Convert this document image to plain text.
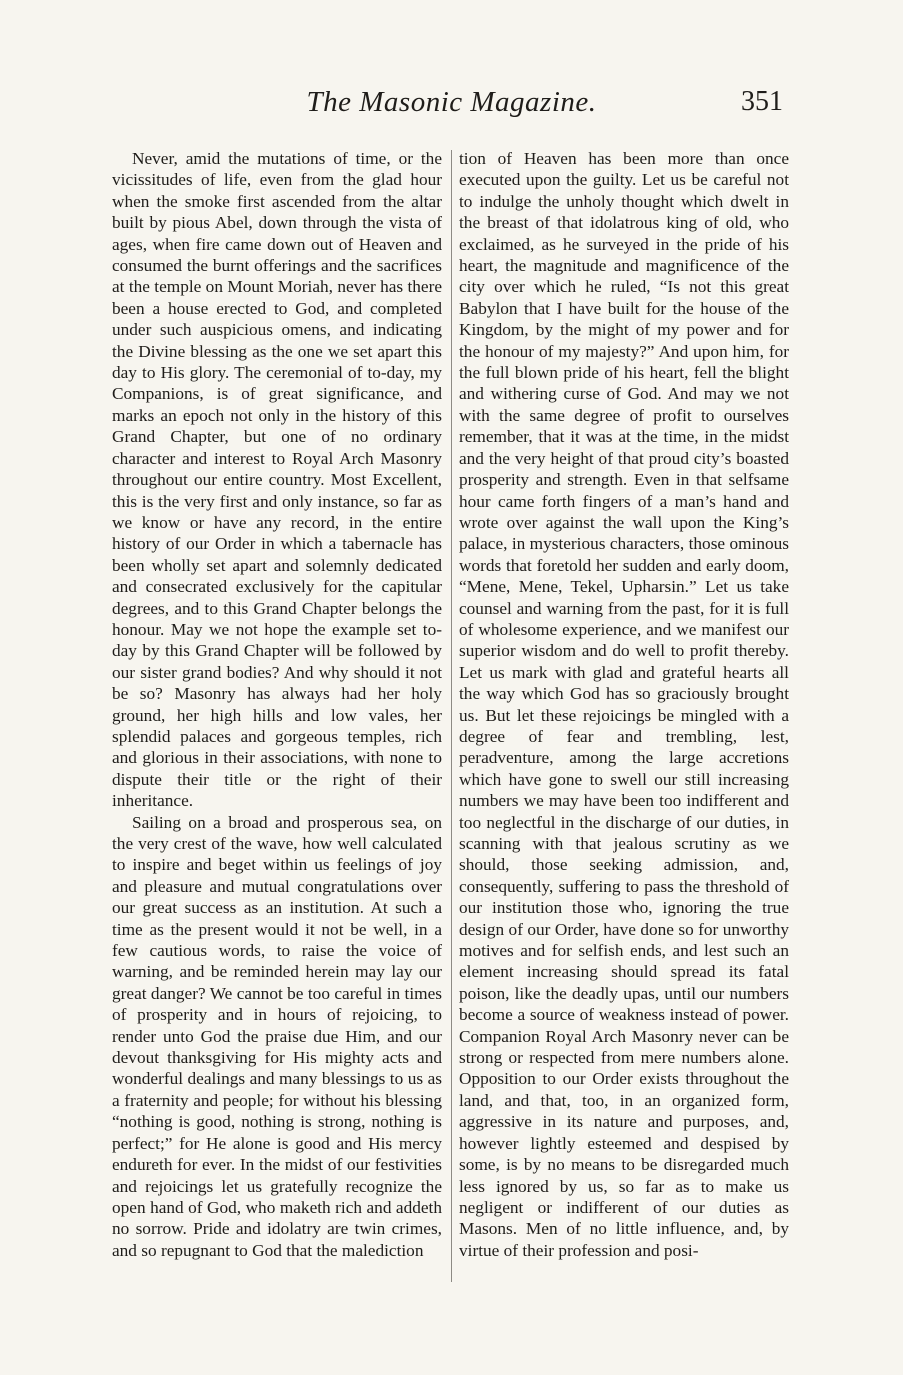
The Masonic Magazine.	351

Never, amid the mutations of time, or the vicissitudes of life, even from the glad hour when the smoke first ascended from the altar built by pious Abel, down through the vista of ages, when fire came down out of Heaven and consumed the burnt offerings and the sacrifices at the temple on Mount Moriah, never has there been a house erected to God, and completed under such auspicious omens, and indicating the Divine blessing as the one we set apart this day to His glory. The ceremonial of to-day, my Companions, is of great significance, and marks an epoch not only in the history of this Grand Chapter, but one of no ordinary character and interest to Royal Arch Masonry throughout our entire country. Most Excellent, this is the very first and only instance, so far as we know or have any record, in the entire history of our Order in which a tabernacle has been wholly set apart and solemnly dedicated and consecrated exclusively for the capitular degrees, and to this Grand Chapter belongs the honour. May we not hope the example set to-day by this Grand Chapter will be followed by our sister grand bodies? And why should it not be so? Masonry has always had her holy ground, her high hills and low vales, her splendid palaces and gorgeous temples, rich and glorious in their associations, with none to dispute their title or the right of their inheritance.

Sailing on a broad and prosperous sea, on the very crest of the wave, how well calculated to inspire and beget within us feelings of joy and pleasure and mutual congratulations over our great success as an institution. At such a time as the present would it not be well, in a few cautious words, to raise the voice of warning, and be reminded herein may lay our great danger? We cannot be too careful in times of prosperity and in hours of rejoicing, to render unto God the praise due Him, and our devout thanksgiving for His mighty acts and wonderful dealings and many blessings to us as a fraternity and people; for without his blessing “nothing is good, nothing is strong, nothing is perfect;” for He alone is good and His mercy endureth for ever. In the midst of our festivities and rejoicings let us gratefully recognize the open hand of God, who maketh rich and addeth no sorrow. Pride and idolatry are twin crimes, and so repugnant to God that the malediction

tion of Heaven has been more than once executed upon the guilty. Let us be careful not to indulge the unholy thought which dwelt in the breast of that idolatrous king of old, who exclaimed, as he surveyed in the pride of his heart, the magnitude and magnificence of the city over which he ruled, “Is not this great Babylon that I have built for the house of the Kingdom, by the might of my power and for the honour of my majesty?” And upon him, for the full blown pride of his heart, fell the blight and withering curse of God. And may we not with the same degree of profit to ourselves remember, that it was at the time, in the midst and the very height of that proud city’s boasted prosperity and strength. Even in that selfsame hour came forth fingers of a man’s hand and wrote over against the wall upon the King’s palace, in mysterious characters, those ominous words that foretold her sudden and early doom, “Mene, Mene, Tekel, Upharsin.” Let us take counsel and warning from the past, for it is full of wholesome experience, and we manifest our superior wisdom and do well to profit thereby. Let us mark with glad and grateful hearts all the way which God has so graciously brought us. But let these rejoicings be mingled with a degree of fear and trembling, lest, peradventure, among the large accretions which have gone to swell our still increasing numbers we may have been too indifferent and too neglectful in the discharge of our duties, in scanning with that jealous scrutiny as we should, those seeking admission, and, consequently, suffering to pass the threshold of our institution those who, ignoring the true design of our Order, have done so for unworthy motives and for selfish ends, and lest such an element increasing should spread its fatal poison, like the deadly upas, until our numbers become a source of weakness instead of power. Companion Royal Arch Masonry never can be strong or respected from mere numbers alone. Opposition to our Order exists throughout the land, and that, too, in an organized form, aggressive in its nature and purposes, and, however lightly esteemed and despised by some, is by no means to be disregarded much less ignored by us, so far as to make us negligent or indifferent of our duties as Masons. Men of no little influence, and, by virtue of their profession and posi-
